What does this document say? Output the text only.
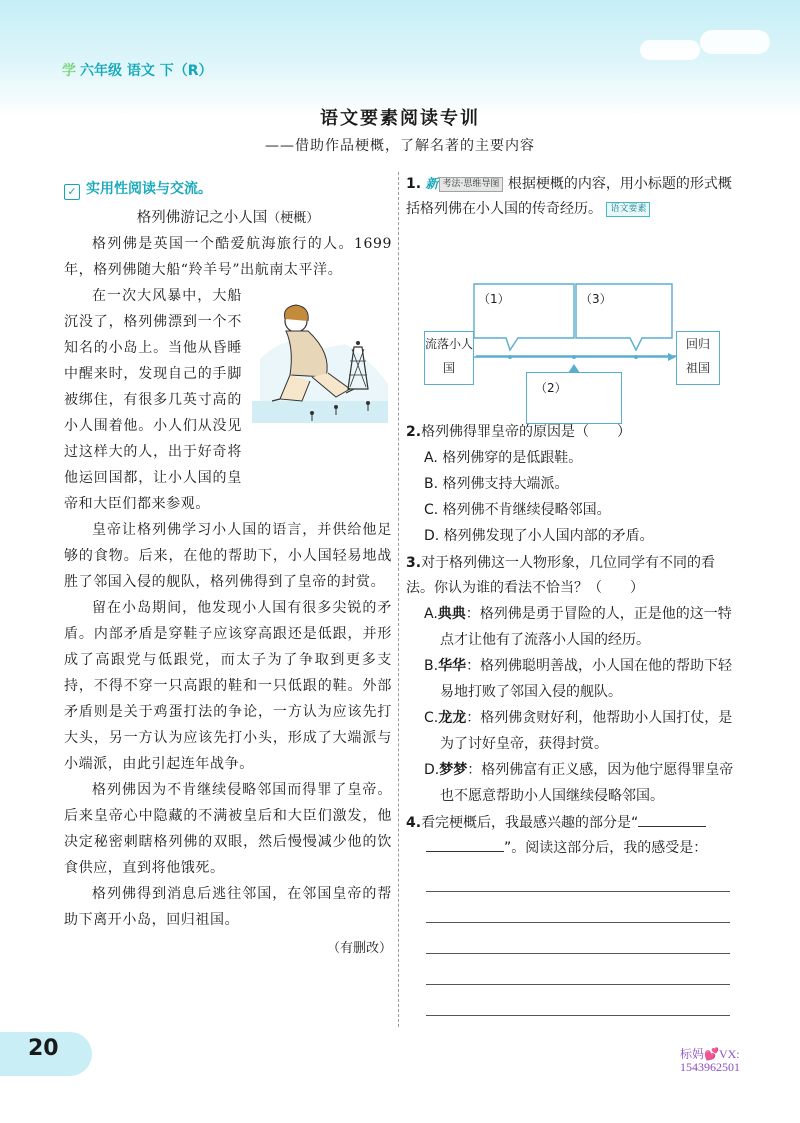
学 六年级 语文 下（R）
语文要素阅读专训
——借助作品梗概，了解名著的主要内容
✓ 实用性阅读与交流。
格列佛游记之小人国（梗概）

格列佛是英国一个酷爱航海旅行的人。1699年，格列佛随大船“羚羊号”出航南太平洋。

在一次大风暴中，大船沉没了，格列佛漂到一个不知名的小岛上。当他从昏睡中醒来时，发现自己的手脚被绑住，有很多几英寸高的小人围着他。小人们从没见过这样大的人，出于好奇将他运回国都，让小人国的皇帝和大臣们都来参观。

皇帝让格列佛学习小人国的语言，并供给他足够的食物。后来，在他的帮助下，小人国轻易地战胜了邻国入侵的舰队，格列佛得到了皇帝的封赏。

留在小岛期间，他发现小人国有很多尖锐的矛盾。内部矛盾是穿鞋子应该穿高跟还是低跟，并形成了高跟党与低跟党，而太子为了争取到更多支持，不得不穿一只高跟的鞋和一只低跟的鞋。外部矛盾则是关于鸡蛋打法的争论，一方认为应该先打大头，另一方认为应该先打小头，形成了大端派与小端派，由此引起连年战争。

格列佛因为不肯继续侵略邻国而得罪了皇帝。后来皇帝心中隐藏的不满被皇后和大臣们激发，他决定秘密刺瞎格列佛的双眼，然后慢慢减少他的饮食供应，直到将他饿死。

格列佛得到消息后逃往邻国，在邻国皇帝的帮助下离开小岛，回归祖国。

（有删改）
1. 新 考法·思维导图 根据梗概的内容，用小标题的形式概括格列佛在小人国的传奇经历。 语文要素
流落小人国
回归祖国
（1）	（3）
（2）
2.格列佛得罪皇帝的原因是（　　）
A. 格列佛穿的是低跟鞋。
B. 格列佛支持大端派。
C. 格列佛不肯继续侵略邻国。
D. 格列佛发现了小人国内部的矛盾。
3.对于格列佛这一人物形象，几位同学有不同的看法。你认为谁的看法不恰当？（　　）
A.典典：格列佛是勇于冒险的人，正是他的这一特点才让他有了流落小人国的经历。
B.华华：格列佛聪明善战，小人国在他的帮助下轻易地打败了邻国入侵的舰队。
C.龙龙：格列佛贪财好利，他帮助小人国打仗，是为了讨好皇帝，获得封赏。
D.梦梦：格列佛富有正义感，因为他宁愿得罪皇帝也不愿意帮助小人国继续侵略邻国。
4.看完梗概后，我最感兴趣的部分是“
”。阅读这部分后，我的感受是：
20	标妈💕VX:
1543962501
